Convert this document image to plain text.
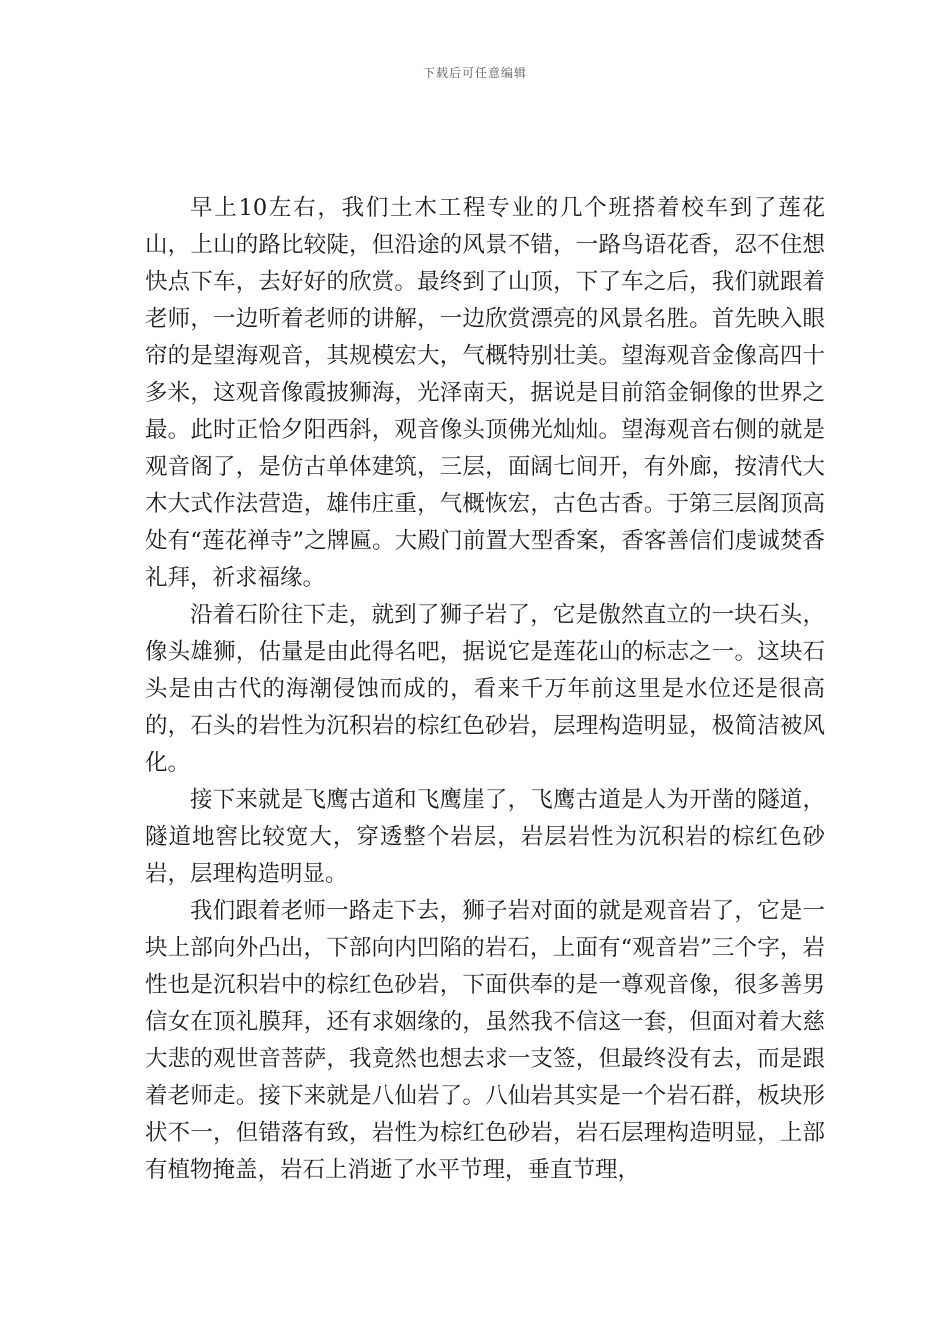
下载后可任意编辑

早上10左右，我们土木工程专业的几个班搭着校车到了莲花山，上山的路比较陡，但沿途的风景不错，一路鸟语花香，忍不住想快点下车，去好好的欣赏。最终到了山顶，下了车之后，我们就跟着老师，一边听着老师的讲解，一边欣赏漂亮的风景名胜。首先映入眼帘的是望海观音，其规模宏大，气概特别壮美。望海观音金像高四十多米，这观音像霞披狮海，光泽南天，据说是目前箔金铜像的世界之最。此时正恰夕阳西斜，观音像头顶佛光灿灿。望海观音右侧的就是观音阁了，是仿古单体建筑，三层，面阔七间开，有外廊，按清代大木大式作法营造，雄伟庄重，气概恢宏，古色古香。于第三层阁顶高处有“莲花禅寺”之牌匾。大殿门前置大型香案，香客善信们虔诚焚香礼拜，祈求福缘。

沿着石阶往下走，就到了狮子岩了，它是傲然直立的一块石头，像头雄狮，估量是由此得名吧，据说它是莲花山的标志之一。这块石头是由古代的海潮侵蚀而成的，看来千万年前这里是水位还是很高的，石头的岩性为沉积岩的棕红色砂岩，层理构造明显，极简洁被风化。

接下来就是飞鹰古道和飞鹰崖了，飞鹰古道是人为开凿的隧道，隧道地窖比较宽大，穿透整个岩层，岩层岩性为沉积岩的棕红色砂岩，层理构造明显。

我们跟着老师一路走下去，狮子岩对面的就是观音岩了，它是一块上部向外凸出，下部向内凹陷的岩石，上面有“观音岩”三个字，岩性也是沉积岩中的棕红色砂岩，下面供奉的是一尊观音像，很多善男信女在顶礼膜拜，还有求姻缘的，虽然我不信这一套，但面对着大慈大悲的观世音菩萨，我竟然也想去求一支签，但最终没有去，而是跟着老师走。接下来就是八仙岩了。八仙岩其实是一个岩石群，板块形状不一，但错落有致，岩性为棕红色砂岩，岩石层理构造明显，上部有植物掩盖，岩石上消逝了水平节理，垂直节理，
